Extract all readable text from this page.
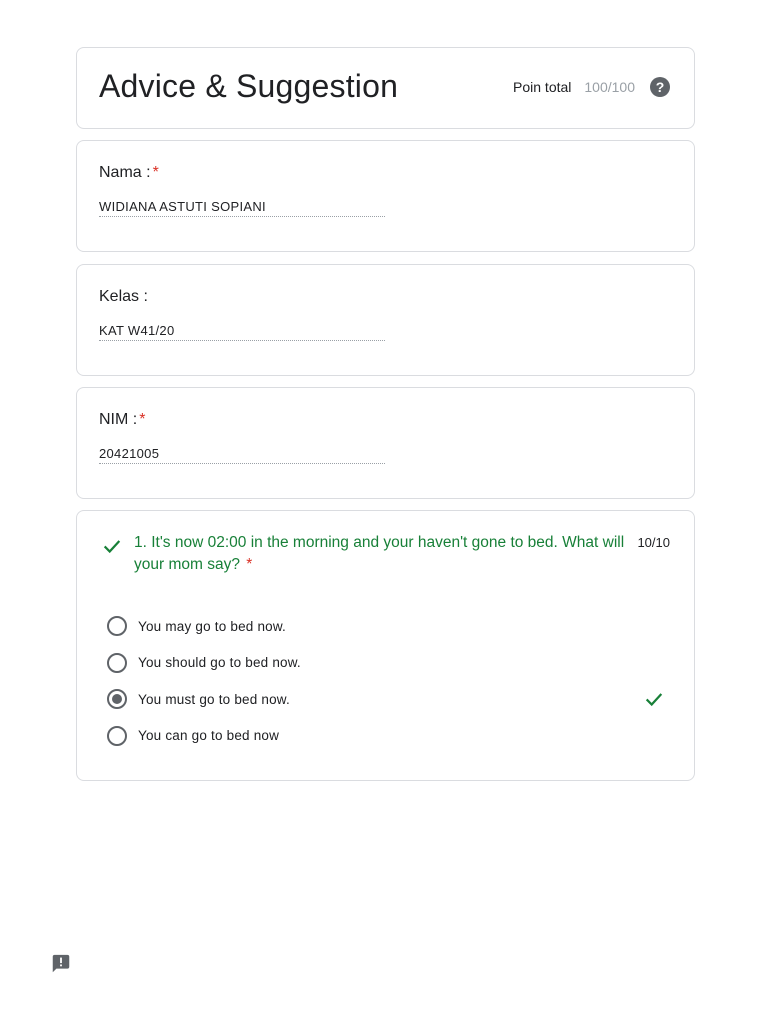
Advice & Suggestion	Poin total 100/100	?
Nama : *
WIDIANA ASTUTI SOPIANI
Kelas :
KAT W41/20
NIM : *
20421005
1. It's now 02:00 in the morning and your haven't gone to bed. What will your mom say? *
10/10
You may go to bed now.
You should go to bed now.
You must go to bed now.
You can go to bed now
